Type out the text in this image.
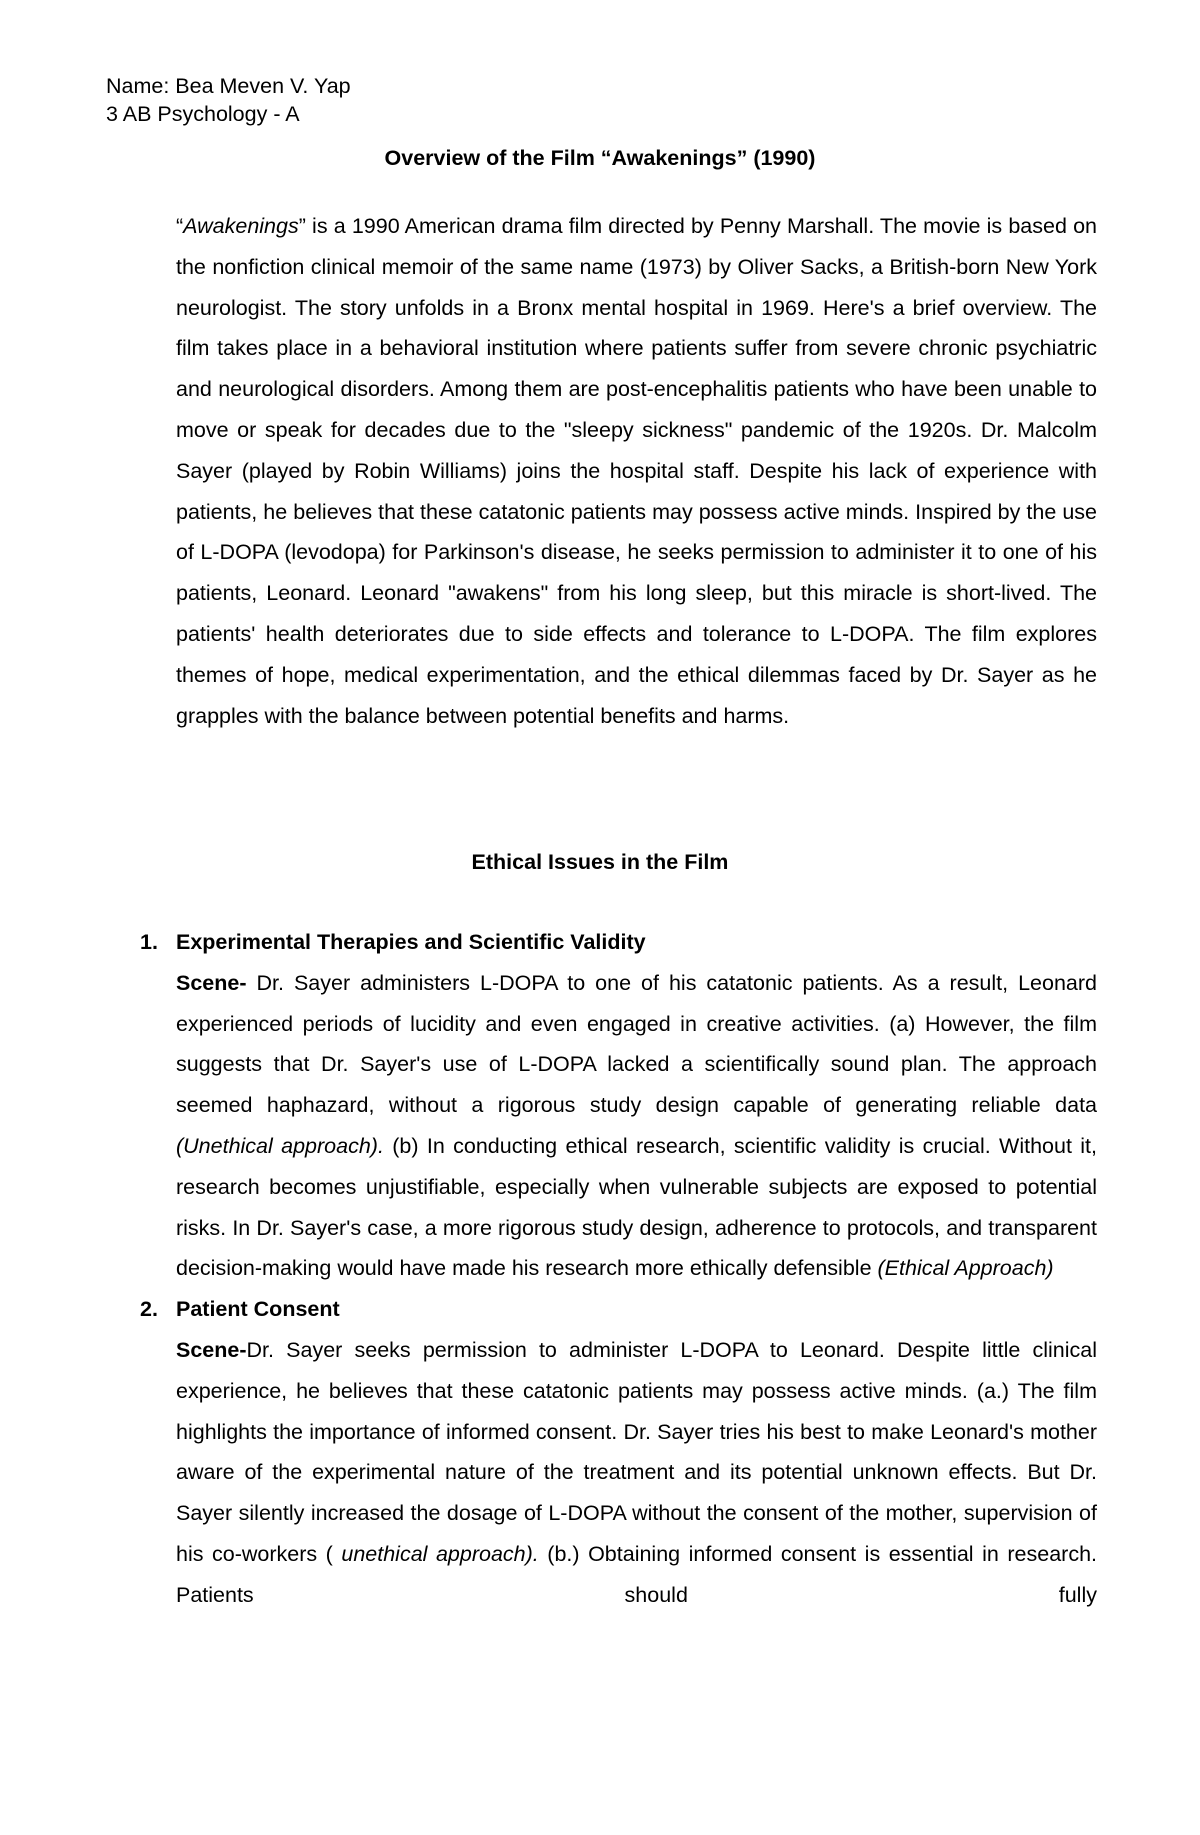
Name: Bea Meven V. Yap
3 AB Psychology - A
Overview of the Film “Awakenings” (1990)

“Awakenings” is a 1990 American drama film directed by Penny Marshall. The movie is based on the nonfiction clinical memoir of the same name (1973) by Oliver Sacks, a British-born New York neurologist. The story unfolds in a Bronx mental hospital in 1969. Here's a brief overview. The film takes place in a behavioral institution where patients suffer from severe chronic psychiatric and neurological disorders. Among them are post-encephalitis patients who have been unable to move or speak for decades due to the "sleepy sickness" pandemic of the 1920s. Dr. Malcolm Sayer (played by Robin Williams) joins the hospital staff. Despite his lack of experience with patients, he believes that these catatonic patients may possess active minds. Inspired by the use of L-DOPA (levodopa) for Parkinson's disease, he seeks permission to administer it to one of his patients, Leonard. Leonard "awakens" from his long sleep, but this miracle is short-lived. The patients' health deteriorates due to side effects and tolerance to L-DOPA. The film explores themes of hope, medical experimentation, and the ethical dilemmas faced by Dr. Sayer as he grapples with the balance between potential benefits and harms.

Ethical Issues in the Film
1. Experimental Therapies and Scientific Validity

Scene- Dr. Sayer administers L-DOPA to one of his catatonic patients. As a result, Leonard experienced periods of lucidity and even engaged in creative activities. (a) However, the film suggests that Dr. Sayer's use of L-DOPA lacked a scientifically sound plan. The approach seemed haphazard, without a rigorous study design capable of generating reliable data (Unethical approach). (b) In conducting ethical research, scientific validity is crucial. Without it, research becomes unjustifiable, especially when vulnerable subjects are exposed to potential risks. In Dr. Sayer's case, a more rigorous study design, adherence to protocols, and transparent decision-making would have made his research more ethically defensible (Ethical Approach)

2. Patient Consent

Scene-Dr. Sayer seeks permission to administer L-DOPA to Leonard. Despite little clinical experience, he believes that these catatonic patients may possess active minds. (a.) The film highlights the importance of informed consent. Dr. Sayer tries his best to make Leonard's mother aware of the experimental nature of the treatment and its potential unknown effects. But Dr. Sayer silently increased the dosage of L-DOPA without the consent of the mother, supervision of his co-workers ( unethical approach). (b.) Obtaining informed consent is essential in research. Patients should fully
